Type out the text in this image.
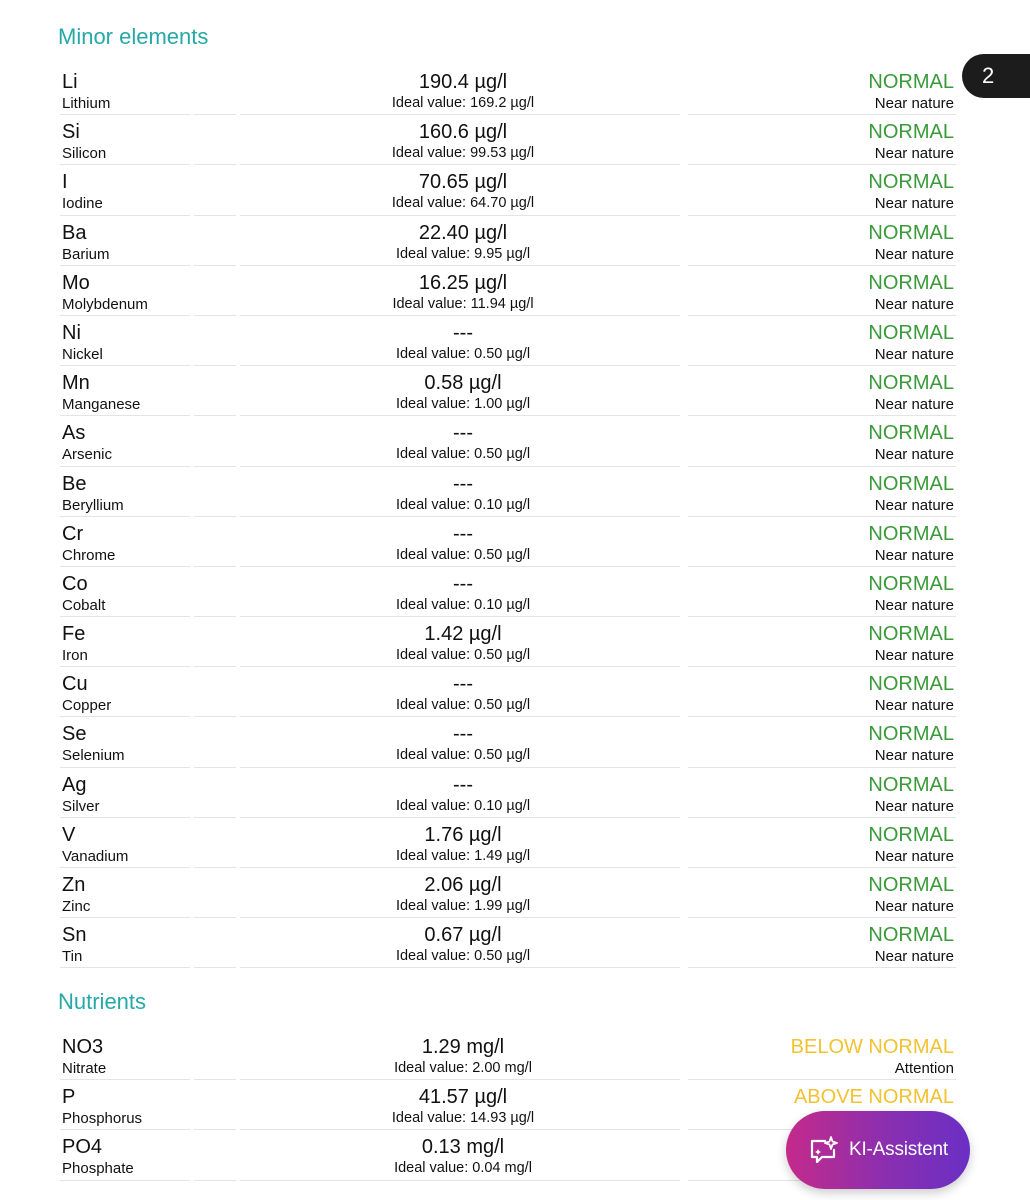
Minor elements
Li
Lithium
190.4 µg/l
Ideal value: 169.2 µg/l
NORMAL
Near nature
Si
Silicon
160.6 µg/l
Ideal value: 99.53 µg/l
NORMAL
Near nature
I
Iodine
70.65 µg/l
Ideal value: 64.70 µg/l
NORMAL
Near nature
Ba
Barium
22.40 µg/l
Ideal value: 9.95 µg/l
NORMAL
Near nature
Mo
Molybdenum
16.25 µg/l
Ideal value: 11.94 µg/l
NORMAL
Near nature
Ni
Nickel
---
Ideal value: 0.50 µg/l
NORMAL
Near nature
Mn
Manganese
0.58 µg/l
Ideal value: 1.00 µg/l
NORMAL
Near nature
As
Arsenic
---
Ideal value: 0.50 µg/l
NORMAL
Near nature
Be
Beryllium
---
Ideal value: 0.10 µg/l
NORMAL
Near nature
Cr
Chrome
---
Ideal value: 0.50 µg/l
NORMAL
Near nature
Co
Cobalt
---
Ideal value: 0.10 µg/l
NORMAL
Near nature
Fe
Iron
1.42 µg/l
Ideal value: 0.50 µg/l
NORMAL
Near nature
Cu
Copper
---
Ideal value: 0.50 µg/l
NORMAL
Near nature
Se
Selenium
---
Ideal value: 0.50 µg/l
NORMAL
Near nature
Ag
Silver
---
Ideal value: 0.10 µg/l
NORMAL
Near nature
V
Vanadium
1.76 µg/l
Ideal value: 1.49 µg/l
NORMAL
Near nature
Zn
Zinc
2.06 µg/l
Ideal value: 1.99 µg/l
NORMAL
Near nature
Sn
Tin
0.67 µg/l
Ideal value: 0.50 µg/l
NORMAL
Near nature
Nutrients
NO3
Nitrate
1.29 mg/l
Ideal value: 2.00 mg/l
BELOW NORMAL
Attention
P
Phosphorus
41.57 µg/l
Ideal value: 14.93 µg/l
ABOVE NORMAL
PO4
Phosphate
0.13 mg/l
Ideal value: 0.04 mg/l
2
KI-Assistent
